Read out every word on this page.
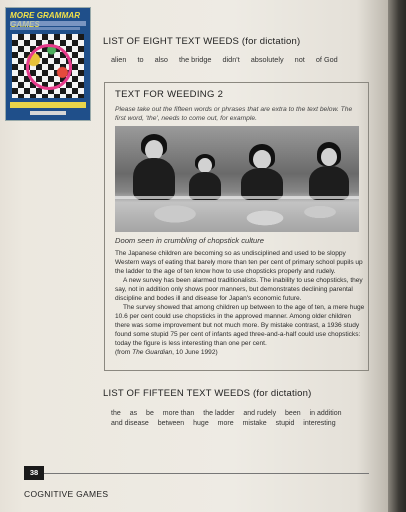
MORE GRAMMAR
LIST OF EIGHT TEXT WEEDS (for dictation)
alien to also the bridge didn't absolutely not of God
TEXT FOR WEEDING 2
Please take out the fifteen words or phrases that are extra to the text below. The first word, 'the', needs to come out, for example.
Doom seen in crumbling of chopstick culture

The Japanese children are becoming so as undisciplined and used to be sloppy Western ways of eating that barely more than ten per cent of primary school pupils up the ladder to the age of ten know how to use chopsticks properly and rudely.

A new survey has been alarmed traditionalists. The inability to use chopsticks, they say, not in addition only shows poor manners, but demonstrates declining parental discipline and bodes ill and disease for Japan's economic future.

The survey showed that among children up between to the age of ten, a mere huge 10.6 per cent could use chopsticks in the approved manner. Among older children there was some improvement but not much more. By mistake contrast, a 1936 study found some stupid 75 per cent of infants aged three-and-a-half could use chopsticks: today the figure is less interesting than one per cent.

(from The Guardian, 10 June 1992)

LIST OF FIFTEEN TEXT WEEDS (for dictation)
the as be more than the ladder and rudely been in addition and disease between huge more mistake stupid interesting
38
COGNITIVE GAMES
